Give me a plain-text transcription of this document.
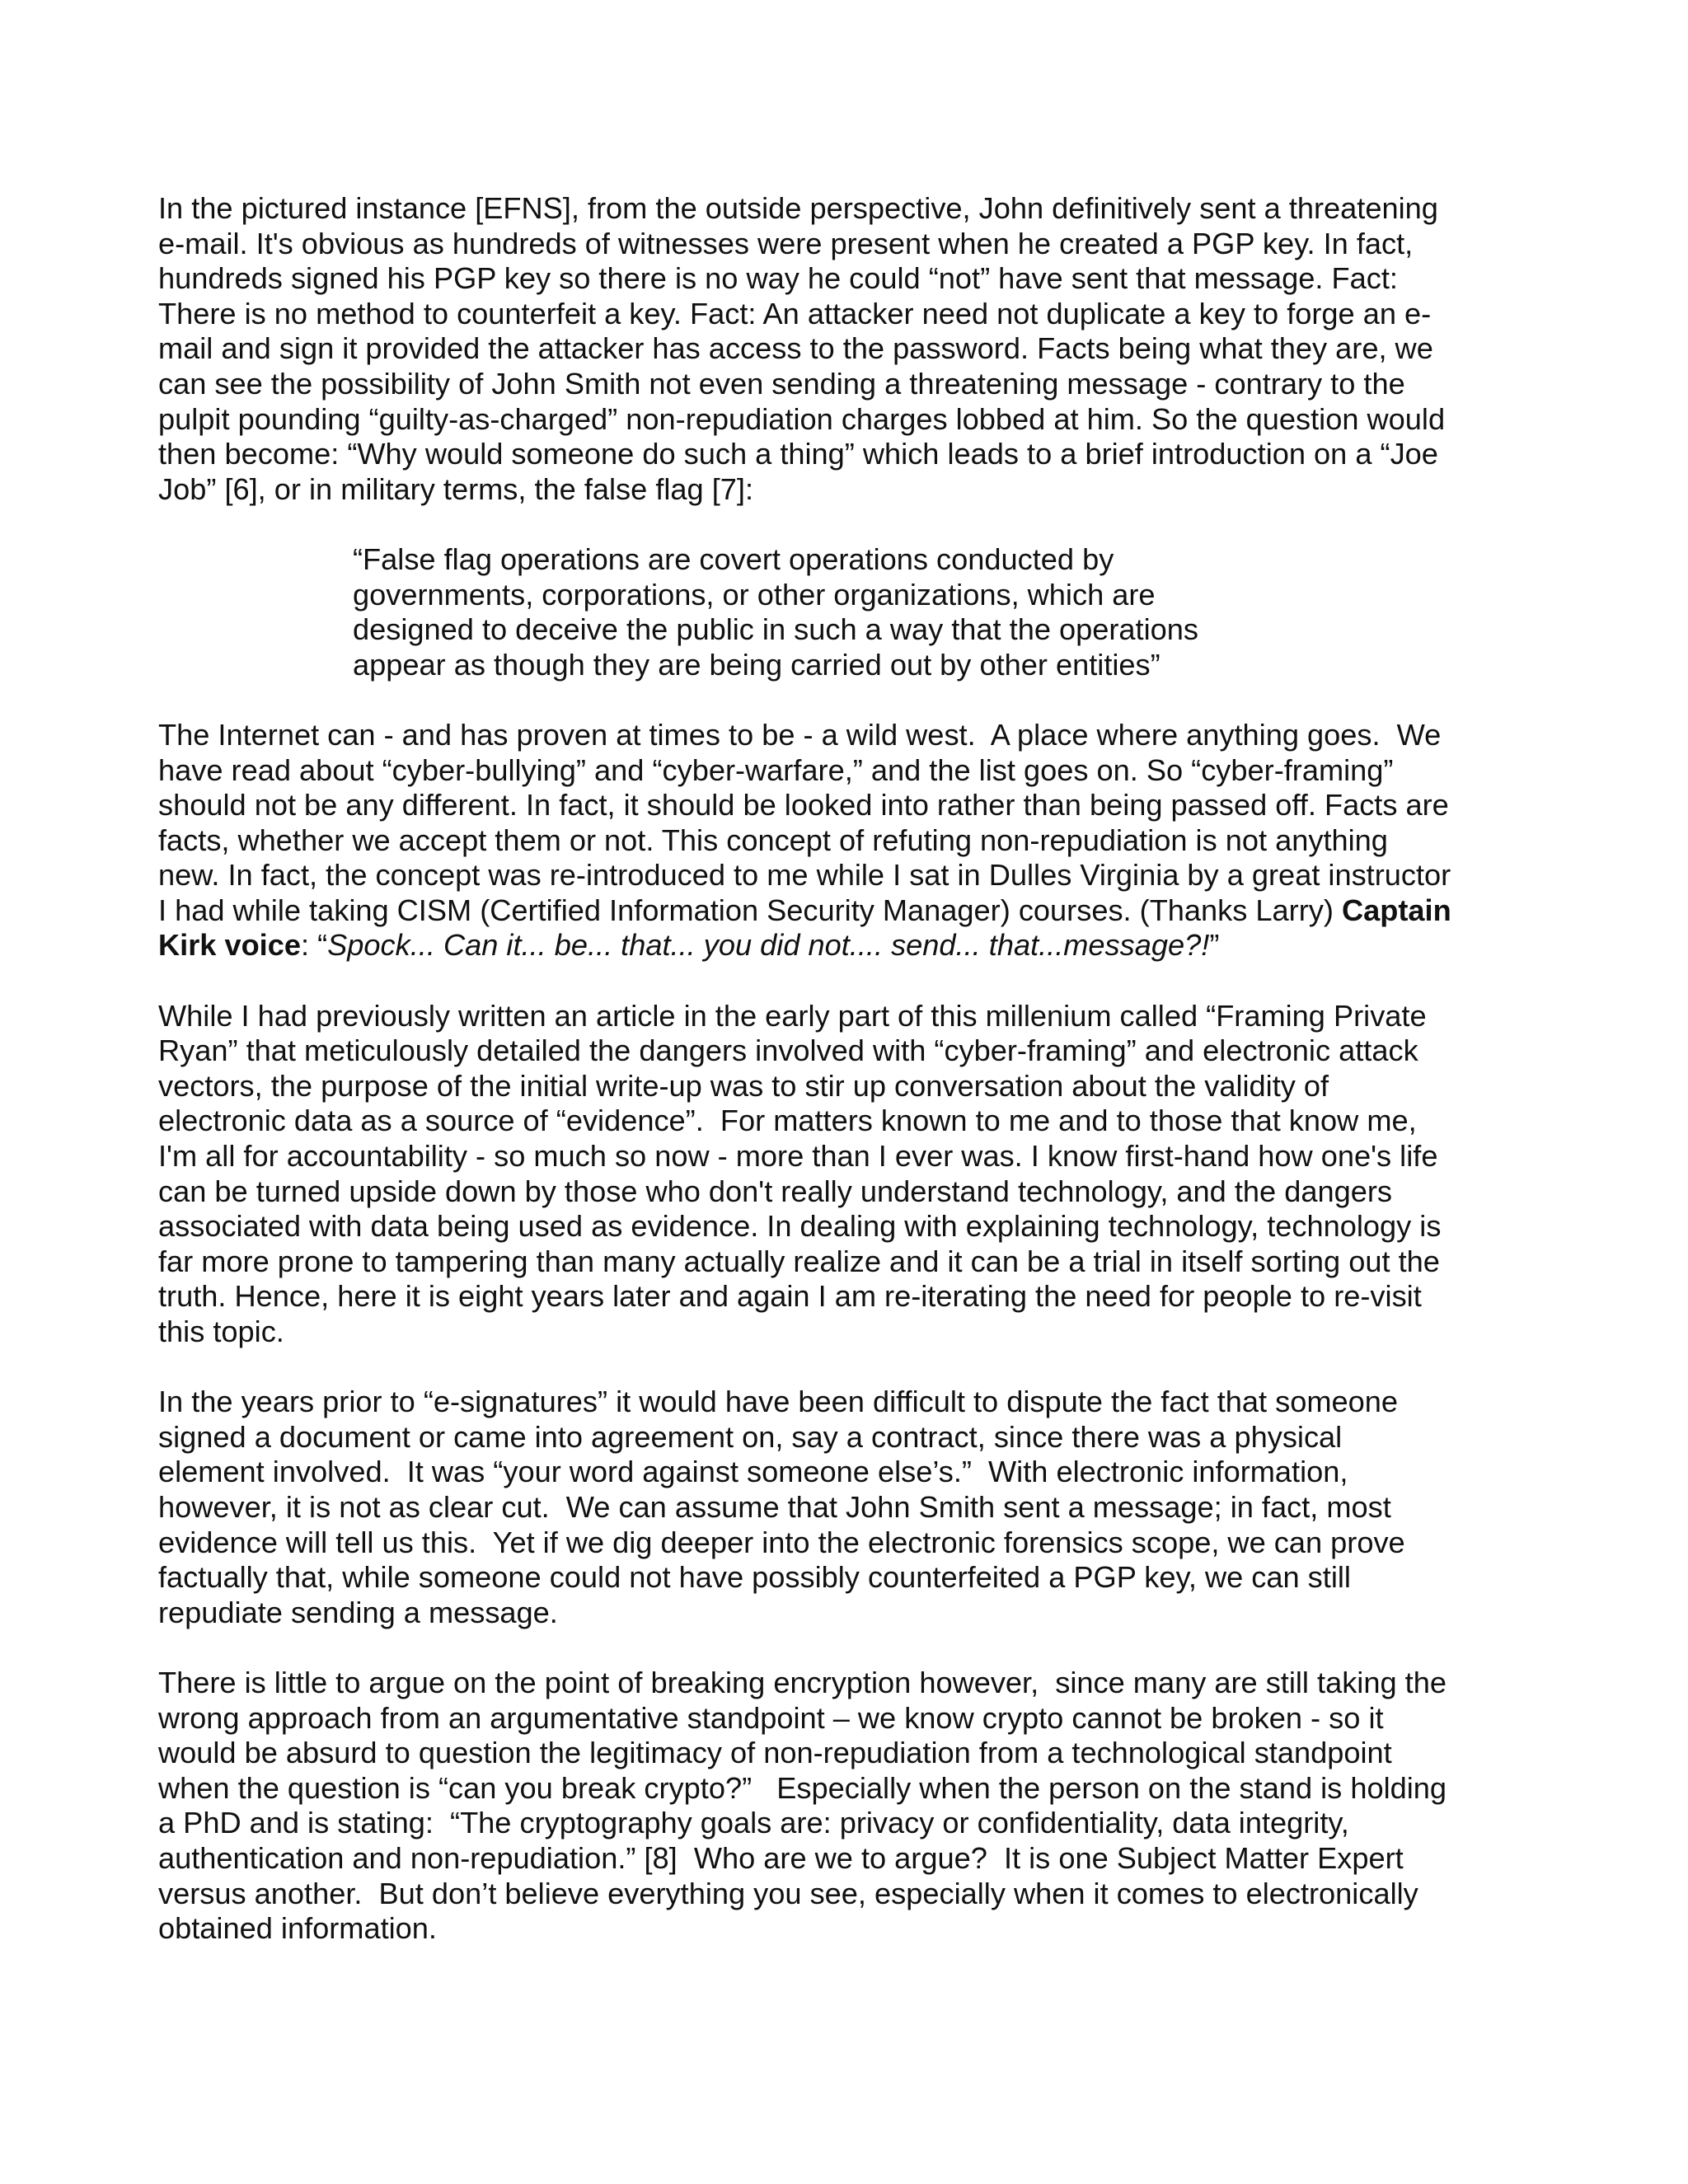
In the pictured instance [EFNS], from the outside perspective, John definitively sent a threatening
e-mail. It's obvious as hundreds of witnesses were present when he created a PGP key. In fact,
hundreds signed his PGP key so there is no way he could “not” have sent that message. Fact:
There is no method to counterfeit a key. Fact: An attacker need not duplicate a key to forge an e-
mail and sign it provided the attacker has access to the password. Facts being what they are, we
can see the possibility of John Smith not even sending a threatening message - contrary to the
pulpit pounding “guilty-as-charged” non-repudiation charges lobbed at him. So the question would
then become: “Why would someone do such a thing” which leads to a brief introduction on a “Joe
Job” [6], or in military terms, the false flag [7]:
“False flag operations are covert operations conducted by
governments, corporations, or other organizations, which are
designed to deceive the public in such a way that the operations
appear as though they are being carried out by other entities”
The Internet can - and has proven at times to be - a wild west.  A place where anything goes.  We
have read about “cyber-bullying” and “cyber-warfare,” and the list goes on. So “cyber-framing”
should not be any different. In fact, it should be looked into rather than being passed off. Facts are
facts, whether we accept them or not. This concept of refuting non-repudiation is not anything
new. In fact, the concept was re-introduced to me while I sat in Dulles Virginia by a great instructor
I had while taking CISM (Certified Information Security Manager) courses. (Thanks Larry) Captain
Kirk voice: “Spock... Can it... be... that... you did not.... send... that...message?!”
While I had previously written an article in the early part of this millenium called “Framing Private
Ryan” that meticulously detailed the dangers involved with “cyber-framing” and electronic attack
vectors, the purpose of the initial write-up was to stir up conversation about the validity of
electronic data as a source of “evidence”.  For matters known to me and to those that know me,
I'm all for accountability - so much so now - more than I ever was. I know first-hand how one's life
can be turned upside down by those who don't really understand technology, and the dangers
associated with data being used as evidence. In dealing with explaining technology, technology is
far more prone to tampering than many actually realize and it can be a trial in itself sorting out the
truth. Hence, here it is eight years later and again I am re-iterating the need for people to re-visit
this topic.
In the years prior to “e-signatures” it would have been difficult to dispute the fact that someone
signed a document or came into agreement on, say a contract, since there was a physical
element involved.  It was “your word against someone else’s.”  With electronic information,
however, it is not as clear cut.  We can assume that John Smith sent a message; in fact, most
evidence will tell us this.  Yet if we dig deeper into the electronic forensics scope, we can prove
factually that, while someone could not have possibly counterfeited a PGP key, we can still
repudiate sending a message.
There is little to argue on the point of breaking encryption however,  since many are still taking the
wrong approach from an argumentative standpoint – we know crypto cannot be broken - so it
would be absurd to question the legitimacy of non-repudiation from a technological standpoint
when the question is “can you break crypto?”   Especially when the person on the stand is holding
a PhD and is stating:  “The cryptography goals are: privacy or confidentiality, data integrity,
authentication and non-repudiation.” [8]  Who are we to argue?  It is one Subject Matter Expert
versus another.  But don’t believe everything you see, especially when it comes to electronically
obtained information.
